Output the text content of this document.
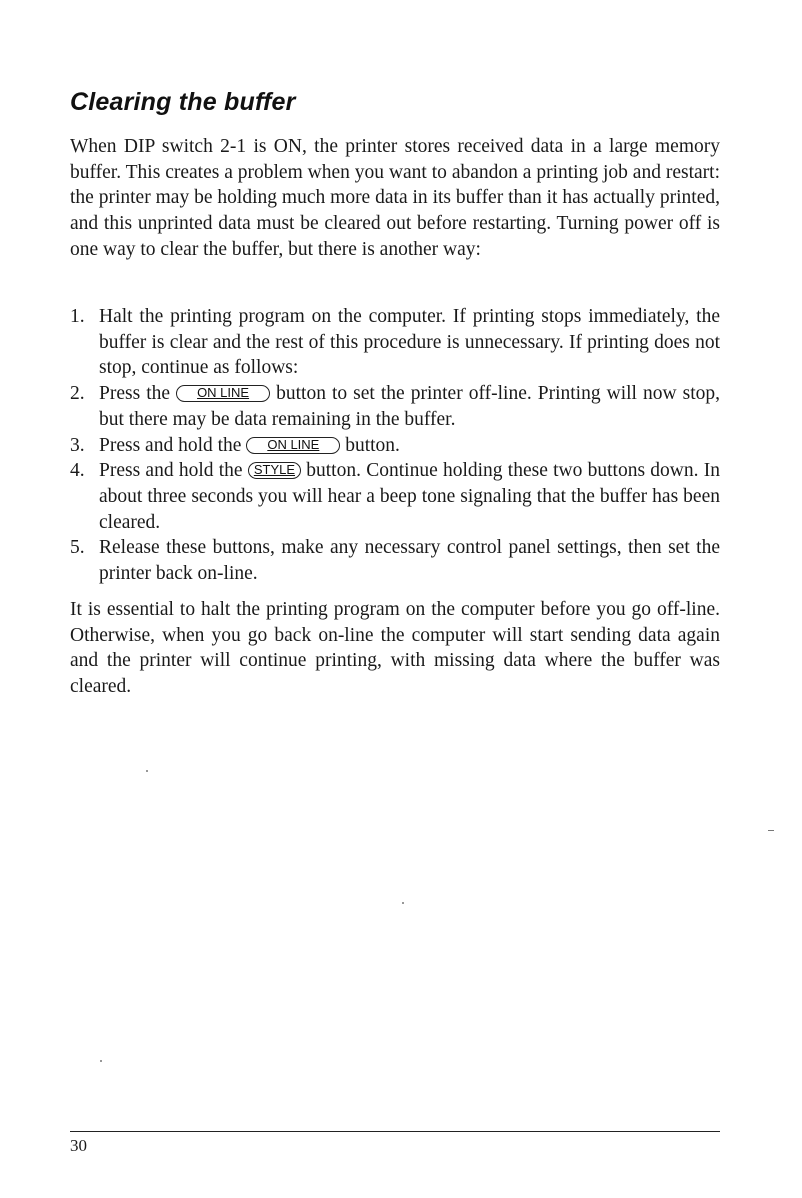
Clearing the buffer

When DIP switch 2-1 is ON, the printer stores received data in a large memory buffer. This creates a problem when you want to abandon a printing job and restart: the printer may be holding much more data in its buffer than it has actually printed, and this unprinted data must be cleared out before restarting. Turning power off is one way to clear the buffer, but there is another way:

1. Halt the printing program on the computer. If printing stops immediately, the buffer is clear and the rest of this procedure is unnecessary. If printing does not stop, continue as follows:
2. Press the ON LINE button to set the printer off-line. Printing will now stop, but there may be data remaining in the buffer.
3. Press and hold the ON LINE button.
4. Press and hold the STYLE button. Continue holding these two buttons down. In about three seconds you will hear a beep tone signaling that the buffer has been cleared.
5. Release these buttons, make any necessary control panel settings, then set the printer back on-line.

It is essential to halt the printing program on the computer before you go off-line. Otherwise, when you go back on-line the computer will start sending data again and the printer will continue printing, with missing data where the buffer was cleared.

30
